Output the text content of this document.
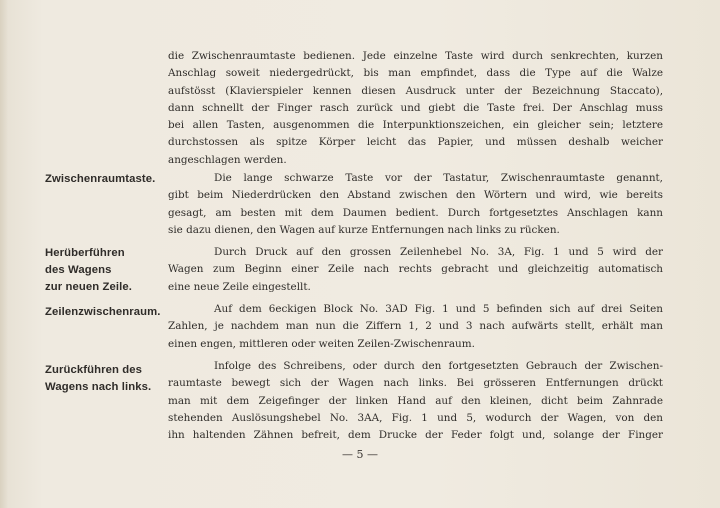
die Zwischenraumtaste bedienen. Jede einzelne Taste wird durch senkrechten, kurzen
Anschlag soweit niedergedrückt, bis man empfindet, dass die Type auf die Walze
aufstösst (Klavierspieler kennen diesen Ausdruck unter der Bezeichnung Staccato),
dann schnellt der Finger rasch zurück und giebt die Taste frei. Der Anschlag muss
bei allen Tasten, ausgenommen die Interpunktionszeichen, ein gleicher sein; letztere
durchstossen als spitze Körper leicht das Papier, und müssen deshalb weicher
angeschlagen werden.
Zwischenraumtaste.	Die lange schwarze Taste vor der Tastatur, Zwischenraumtaste genannt,
gibt beim Niederdrücken den Abstand zwischen den Wörtern und wird, wie bereits
gesagt, am besten mit dem Daumen bedient. Durch fortgesetztes Anschlagen kann
sie dazu dienen, den Wagen auf kurze Entfernungen nach links zu rücken.
Herüberführen
des Wagens
zur neuen Zeile.
Durch Druck auf den grossen Zeilenhebel No. 3A, Fig. 1 und 5 wird der
Wagen zum Beginn einer Zeile nach rechts gebracht und gleichzeitig automatisch
eine neue Zeile eingestellt.
Zeilenzwischenraum.	Auf dem 6eckigen Block No. 3AD Fig. 1 und 5 befinden sich auf drei Seiten
Zahlen, je nachdem man nun die Ziffern 1, 2 und 3 nach aufwärts stellt, erhält man
einen engen, mittleren oder weiten Zeilen-Zwischenraum.
Zurückführen des
Wagens nach links.
Infolge des Schreibens, oder durch den fortgesetzten Gebrauch der Zwischen-
raumtaste bewegt sich der Wagen nach links. Bei grösseren Entfernungen drückt
man mit dem Zeigefinger der linken Hand auf den kleinen, dicht beim Zahnrade
stehenden Auslösungshebel No. 3AA, Fig. 1 und 5, wodurch der Wagen, von den
ihn haltenden Zähnen befreit, dem Drucke der Feder folgt und, solange der Finger
— 5 —
